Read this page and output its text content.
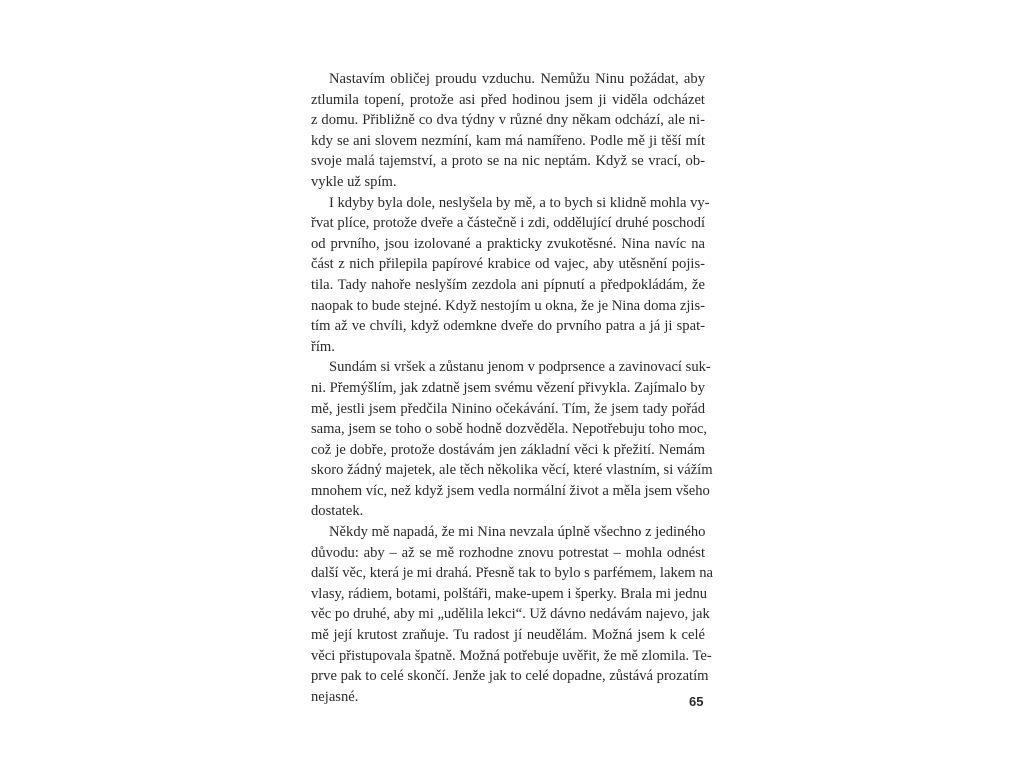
Nastavím obličej proudu vzduchu. Nemůžu Ninu požádat, aby
ztlumila topení, protože asi před hodinou jsem ji viděla odcházet
z domu. Přibližně co dva týdny v různé dny někam odchází, ale ni-
kdy se ani slovem nezmíní, kam má namířeno. Podle mě ji těší mít
svoje malá tajemství, a proto se na nic neptám. Když se vrací, ob-
vykle už spím.
I kdyby byla dole, neslyšela by mě, a to bych si klidně mohla vy-
řvat plíce, protože dveře a částečně i zdi, oddělující druhé poschodí
od prvního, jsou izolované a prakticky zvukotěsné. Nina navíc na
část z nich přilepila papírové krabice od vajec, aby utěsnění pojis-
tila. Tady nahoře neslyším zezdola ani pípnutí a předpokládám, že
naopak to bude stejné. Když nestojím u okna, že je Nina doma zjis-
tím až ve chvíli, když odemkne dveře do prvního patra a já ji spat-
řím.
Sundám si vršek a zůstanu jenom v podprsence a zavinovací suk-
ni. Přemýšlím, jak zdatně jsem svému vězení přivykla. Zajímalo by
mě, jestli jsem předčila Ninino očekávání. Tím, že jsem tady pořád
sama, jsem se toho o sobě hodně dozvěděla. Nepotřebuju toho moc,
což je dobře, protože dostávám jen základní věci k přežití. Nemám
skoro žádný majetek, ale těch několika věcí, které vlastním, si vážím
mnohem víc, než když jsem vedla normální život a měla jsem všeho
dostatek.
Někdy mě napadá, že mi Nina nevzala úplně všechno z jediného
důvodu: aby – až se mě rozhodne znovu potrestat – mohla odnést
další věc, která je mi drahá. Přesně tak to bylo s parfémem, lakem na
vlasy, rádiem, botami, polštáři, make-upem i šperky. Brala mi jednu
věc po druhé, aby mi „udělila lekci“. Už dávno nedávám najevo, jak
mě její krutost zraňuje. Tu radost jí neudělám. Možná jsem k celé
věci přistupovala špatně. Možná potřebuje uvěřit, že mě zlomila. Te-
prve pak to celé skončí. Jenže jak to celé dopadne, zůstává prozatím
nejasné.	65
